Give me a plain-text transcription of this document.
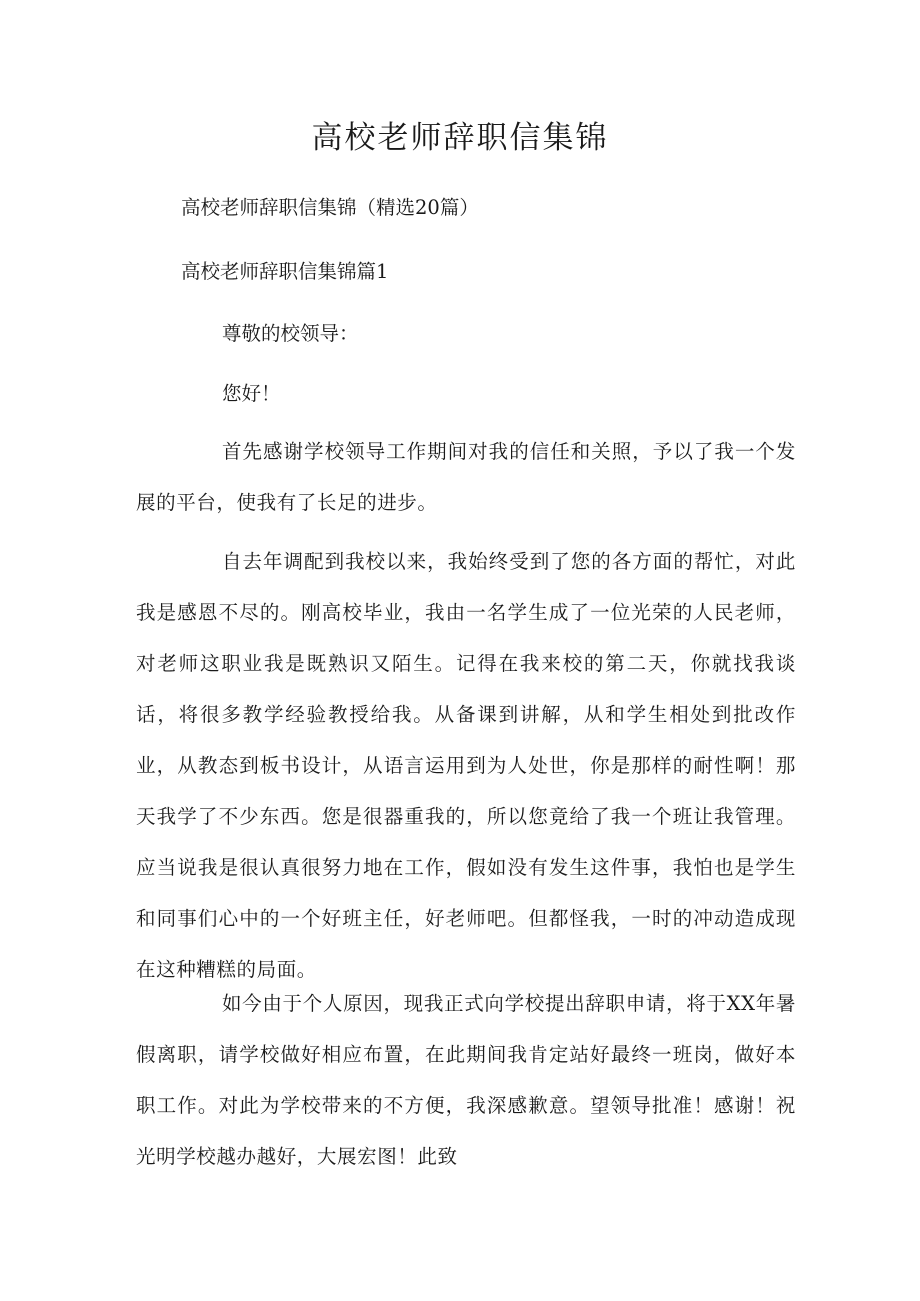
高校老师辞职信集锦
高校老师辞职信集锦（精选20篇）
高校老师辞职信集锦篇1
尊敬的校领导：
您好！
首先感谢学校领导工作期间对我的信任和关照，予以了我一个发展的平台，使我有了长足的进步。
自去年调配到我校以来，我始终受到了您的各方面的帮忙，对此我是感恩不尽的。刚高校毕业，我由一名学生成了一位光荣的人民老师，对老师这职业我是既熟识又陌生。记得在我来校的第二天，你就找我谈话，将很多教学经验教授给我。从备课到讲解，从和学生相处到批改作业，从教态到板书设计，从语言运用到为人处世，你是那样的耐性啊！那天我学了不少东西。您是很器重我的，所以您竟给了我一个班让我管理。应当说我是很认真很努力地在工作，假如没有发生这件事，我怕也是学生和同事们心中的一个好班主任，好老师吧。但都怪我，一时的冲动造成现在这种糟糕的局面。
如今由于个人原因，现我正式向学校提出辞职申请，将于XX年暑假离职，请学校做好相应布置，在此期间我肯定站好最终一班岗，做好本职工作。对此为学校带来的不方便，我深感歉意。望领导批准！感谢！祝光明学校越办越好，大展宏图！此致
